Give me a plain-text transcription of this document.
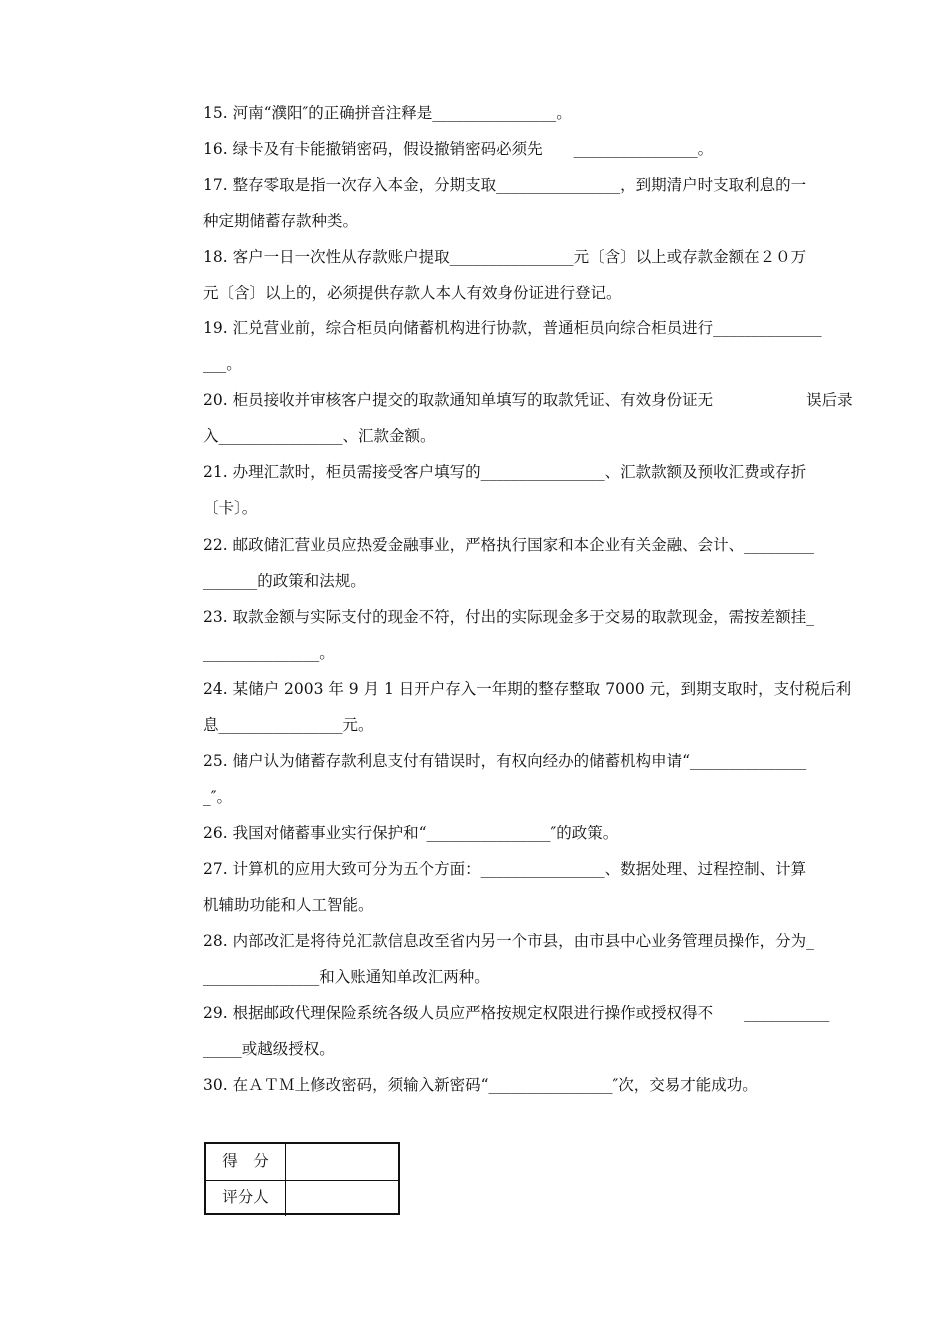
15. 河南“濮阳″的正确拼音注释是________________。
16. 绿卡及有卡能撤销密码，假设撤销密码必须先　　________________。
17. 整存零取是指一次存入本金，分期支取________________，到期清户时支取利息的一
种定期储蓄存款种类。
18. 客户一日一次性从存款账户提取________________元〔含〕以上或存款金额在２０万
元〔含〕以上的，必须提供存款人本人有效身份证进行登记。
19. 汇兑营业前，综合柜员向储蓄机构进行协款，普通柜员向综合柜员进行______________
___。
20. 柜员接收并审核客户提交的取款通知单填写的取款凭证、有效身份证无　　　　　　误后录
入________________、汇款金额。
21. 办理汇款时，柜员需接受客户填写的________________、汇款款额及预收汇费或存折
〔卡〕。
22. 邮政储汇营业员应热爱金融事业，严格执行国家和本企业有关金融、会计、_________
_______的政策和法规。
23. 取款金额与实际支付的现金不符，付出的实际现金多于交易的取款现金，需按差额挂_
_______________。
24. 某储户 2003 年 9 月 1 日开户存入一年期的整存整取 7000 元，到期支取时，支付税后利
息________________元。
25. 储户认为储蓄存款利息支付有错误时，有权向经办的储蓄机构申请“_______________
_″。
26. 我国对储蓄事业实行保护和“________________″的政策。
27. 计算机的应用大致可分为五个方面：________________、数据处理、过程控制、计算
机辅助功能和人工智能。
28. 内部改汇是将待兑汇款信息改至省内另一个市县，由市县中心业务管理员操作，分为_
_______________和入账通知单改汇两种。
29. 根据邮政代理保险系统各级人员应严格按规定权限进行操作或授权得不　　___________
_____或越级授权。
30. 在ＡＴＭ上修改密码，须输入新密码“________________″次，交易才能成功。
得　分
评分人
